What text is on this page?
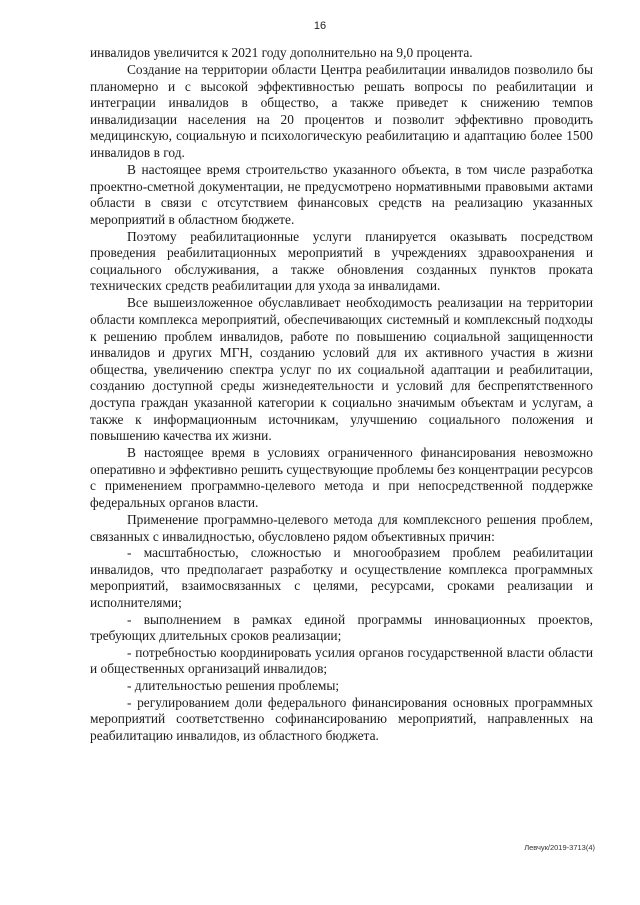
16

инвалидов увеличится к 2021 году дополнительно на 9,0 процента.

Создание на территории области Центра реабилитации инвалидов позволило бы планомерно и с высокой эффективностью решать вопросы по реабилитации и интеграции инвалидов в общество, а также приведет к снижению темпов инвалидизации населения на 20 процентов и позволит эффективно проводить медицинскую, социальную и психологическую реабилитацию и адаптацию более 1500 инвалидов в год.

В настоящее время строительство указанного объекта, в том числе разработка проектно-сметной документации, не предусмотрено нормативными правовыми актами области в связи с отсутствием финансовых средств на реализацию указанных мероприятий в областном бюджете.

Поэтому реабилитационные услуги планируется оказывать посредством проведения реабилитационных мероприятий в учреждениях здравоохранения и социального обслуживания, а также обновления созданных пунктов проката технических средств реабилитации для ухода за инвалидами.

Все вышеизложенное обуславливает необходимость реализации на территории области комплекса мероприятий, обеспечивающих системный и комплексный подходы к решению проблем инвалидов, работе по повышению социальной защищенности инвалидов и других МГН, созданию условий для их активного участия в жизни общества, увеличению спектра услуг по их социальной адаптации и реабилитации, созданию доступной среды жизнедеятельности и условий для беспрепятственного доступа граждан указанной категории к социально значимым объектам и услугам, а также к информационным источникам, улучшению социального положения и повышению качества их жизни.

В настоящее время в условиях ограниченного финансирования невозможно оперативно и эффективно решить существующие проблемы без концентрации ресурсов с применением программно-целевого метода и при непосредственной поддержке федеральных органов власти.

Применение программно-целевого метода для комплексного решения проблем, связанных с инвалидностью, обусловлено рядом объективных причин:

- масштабностью, сложностью и многообразием проблем реабилитации инвалидов, что предполагает разработку и осуществление комплекса программных мероприятий, взаимосвязанных с целями, ресурсами, сроками реализации и исполнителями;

- выполнением в рамках единой программы инновационных проектов, требующих длительных сроков реализации;

- потребностью координировать усилия органов государственной власти области и общественных организаций инвалидов;

- длительностью решения проблемы;

- регулированием доли федерального финансирования основных программных мероприятий соответственно софинансированию мероприятий, направленных на реабилитацию инвалидов, из областного бюджета.

Левчук/2019-3713(4)
